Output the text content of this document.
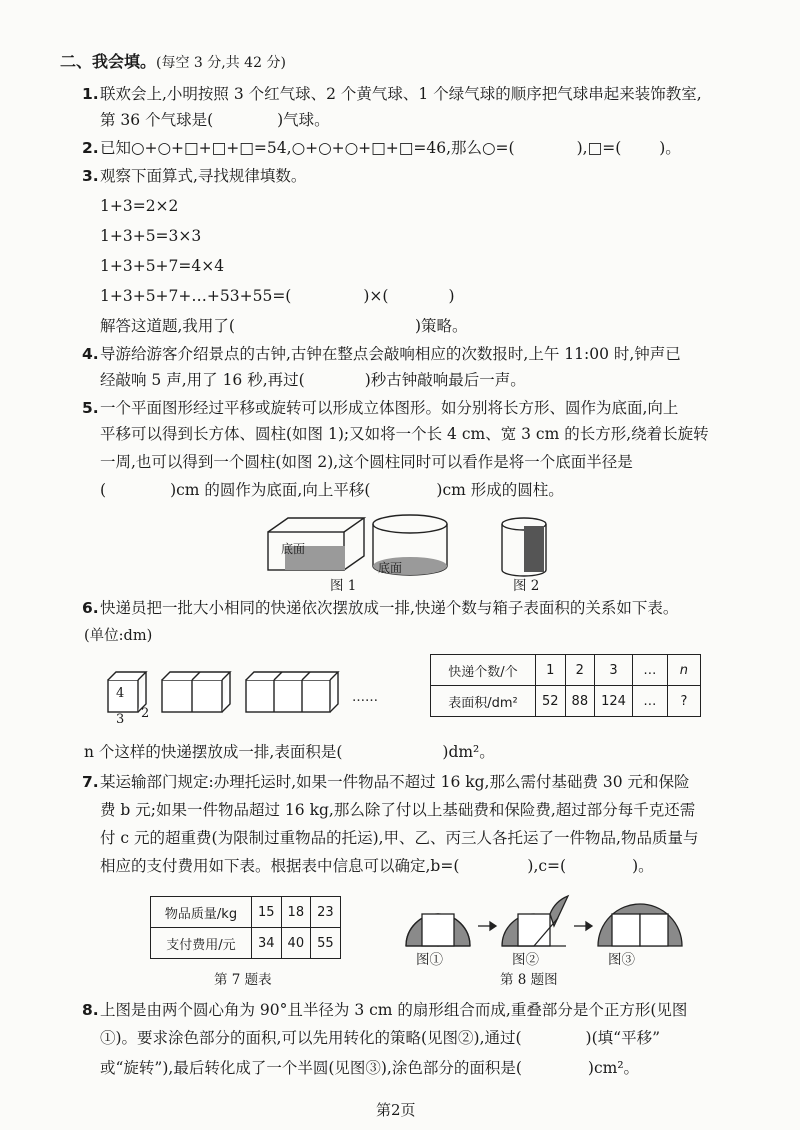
二、我会填。(每空 3 分,共 42 分)
1. 联欢会上,小明按照 3 个红气球、2 个黄气球、1 个绿气球的顺序把气球串起来装饰教室,
第 36 个气球是(	)气球。
2. 已知○+○+□+□+□=54,○+○+○+□+□=46,那么○=(	),□=( )。
3. 观察下面算式,寻找规律填数。
1+3=2×2
1+3+5=3×3
1+3+5+7=4×4
1+3+5+7+…+53+55=(	)×(	)
解答这道题,我用了(	)策略。
4. 导游给游客介绍景点的古钟,古钟在整点会敲响相应的次数报时,上午 11:00 时,钟声已
经敲响 5 声,用了 16 秒,再过(	)秒古钟敲响最后一声。
5. 一个平面图形经过平移或旋转可以形成立体图形。如分别将长方形、圆作为底面,向上
平移可以得到长方体、圆柱(如图 1);又如将一个长 4 cm、宽 3 cm 的长方形,绕着长旋转
一周,也可以得到一个圆柱(如图 2),这个圆柱同时可以看作是将一个底面半径是
(	)cm 的圆作为底面,向上平移(	)cm 形成的圆柱。
底面
底面
图 1	图 2
6. 快递员把一批大小相同的快递依次摆放成一排,快递个数与箱子表面积的关系如下表。
(单位:dm)
4
3 2
……
快递个数/个	1	2	3	…	n
表面积/dm²	52	88	124	…	?
n 个这样的快递摆放成一排,表面积是(	)dm²。
7. 某运输部门规定:办理托运时,如果一件物品不超过 16 kg,那么需付基础费 30 元和保险
费 b 元;如果一件物品超过 16 kg,那么除了付以上基础费和保险费,超过部分每千克还需
付 c 元的超重费(为限制过重物品的托运),甲、乙、丙三人各托运了一件物品,物品质量与
相应的支付费用如下表。根据表中信息可以确定,b=(	),c=(	)。
物品质量/kg	15	18	23
支付费用/元	34	40	55
第 7 题表
图①	图②	图③
第 8 题图
8. 上图是由两个圆心角为 90°且半径为 3 cm 的扇形组合而成,重叠部分是个正方形(见图
①)。要求涂色部分的面积,可以先用转化的策略(见图②),通过(	)(填“平移”
或“旋转”),最后转化成了一个半圆(见图③),涂色部分的面积是(	)cm²。
第2页
